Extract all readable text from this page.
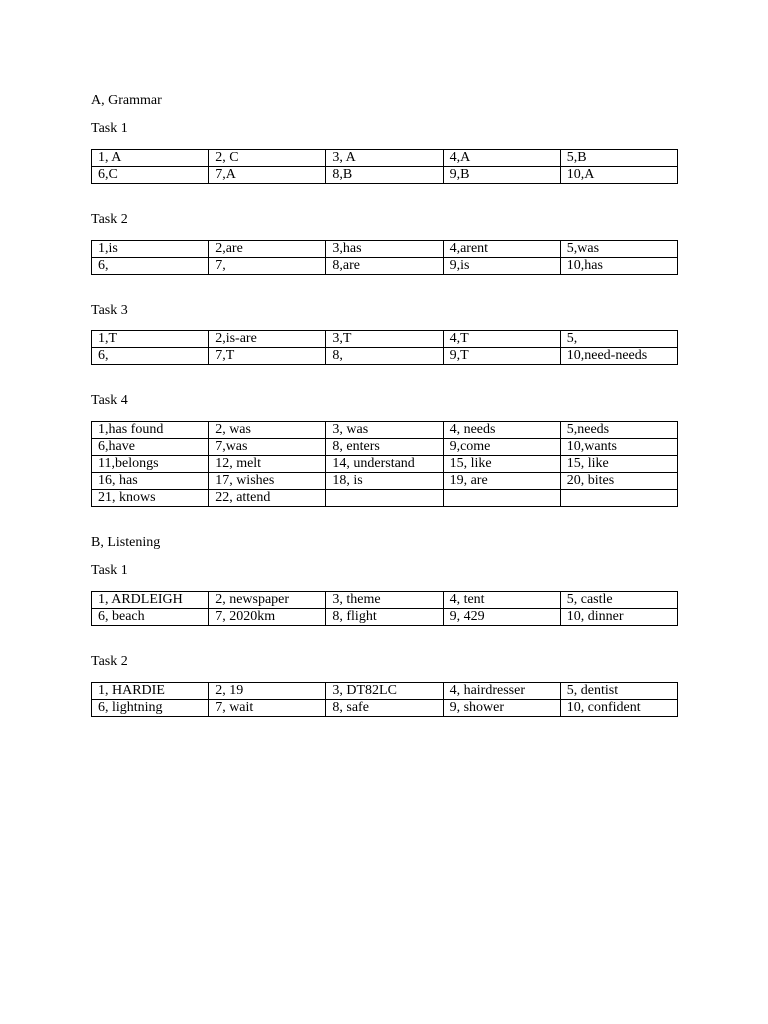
A, Grammar
Task 1
1, A	2, C	3, A	4,A	5,B
6,C	7,A	8,B	9,B	10,A
Task 2
1,is	2,are	3,has	4,arent	5,was
6,	7,	8,are	9,is	10,has
Task 3
1,T	2,is-are	3,T	4,T	5,
6,	7,T	8,	9,T	10,need-needs
Task 4
1,has found	2, was	3, was	4, needs	5,needs
6,have	7,was	8, enters	9,come	10,wants
11,belongs	12, melt	14, understand	15, like	15, like
16, has	17, wishes	18, is	19, are	20, bites
21, knows	22, attend			
B, Listening
Task 1
1, ARDLEIGH	2, newspaper	3, theme	4, tent	5, castle
6, beach	7, 2020km	8, flight	9, 429	10, dinner
Task 2
1, HARDIE	2, 19	3, DT82LC	4, hairdresser	5, dentist
6, lightning	7, wait	8, safe	9, shower	10, confident
